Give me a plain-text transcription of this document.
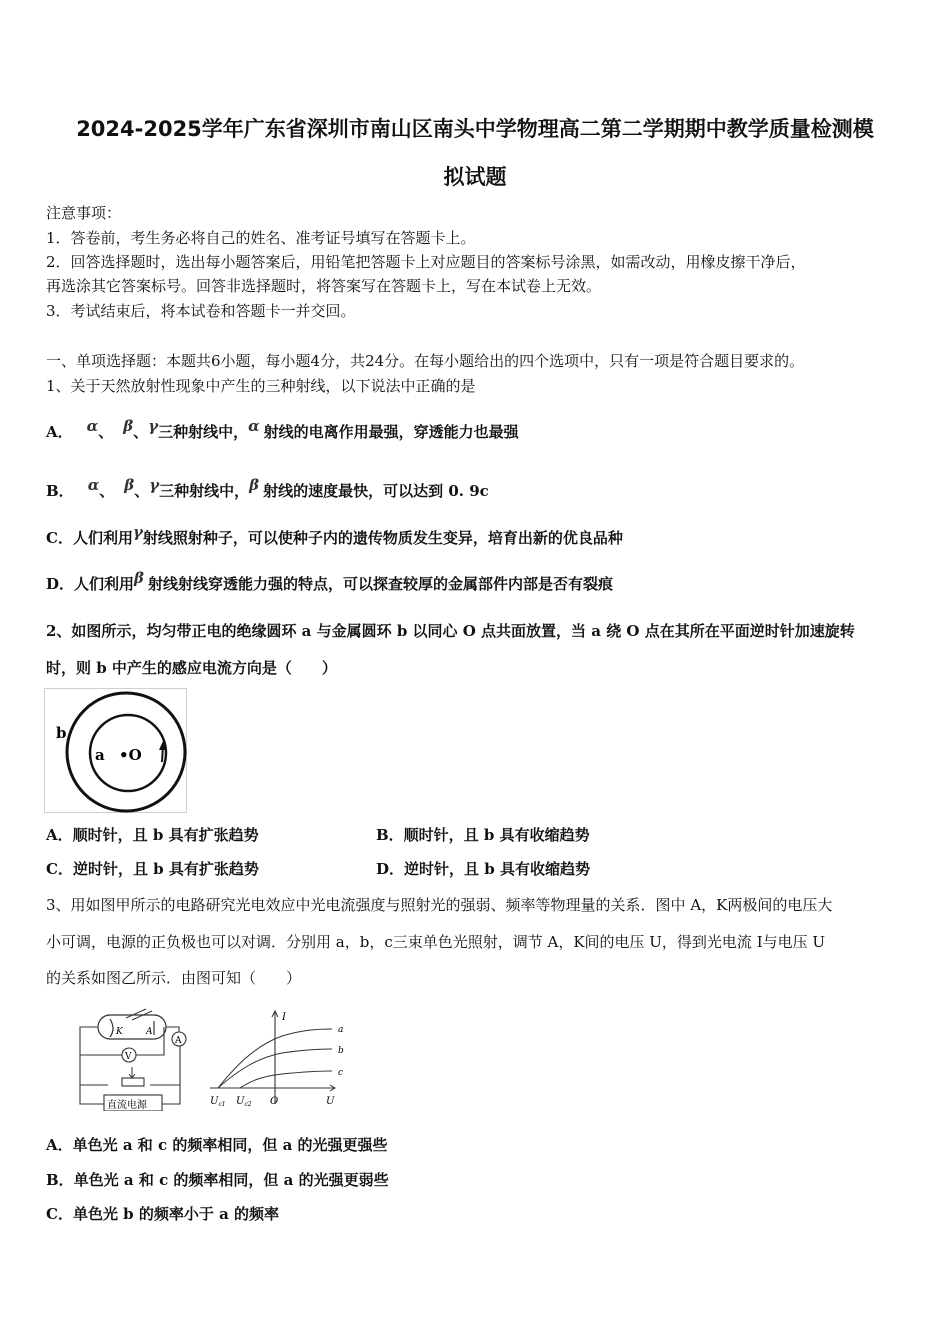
2024-2025学年广东省深圳市南山区南头中学物理高二第二学期期中教学质量检测模
拟试题
注意事项：
1．答卷前，考生务必将自己的姓名、准考证号填写在答题卡上。
2．回答选择题时，选出每小题答案后，用铅笔把答题卡上对应题目的答案标号涂黑，如需改动，用橡皮擦干净后，
再选涂其它答案标号。回答非选择题时，将答案写在答题卡上，写在本试卷上无效。
3．考试结束后，将本试卷和答题卡一并交回。
一、单项选择题：本题共6小题，每小题4分，共24分。在每小题给出的四个选项中，只有一项是符合题目要求的。
1、关于天然放射性现象中产生的三种射线，以下说法中正确的是
A． α、 β、γ三种射线中，α 射线的电离作用最强，穿透能力也最强
B． α、 β、γ三种射线中，β 射线的速度最快，可以达到 0. 9c
C．人们利用γ射线照射种子，可以使种子内的遗传物质发生变异，培育出新的优良品种
D．人们利用β 射线射线穿透能力强的特点，可以探查较厚的金属部件内部是否有裂痕
2、如图所示，均匀带正电的绝缘圆环 a 与金属圆环 b 以同心 O 点共面放置，当 a 绕 O 点在其所在平面逆时针加速旋转
时，则 b 中产生的感应电流方向是（　　）
b
a •O
A．顺时针，且 b 具有扩张趋势	B．顺时针，且 b 具有收缩趋势
C．逆时针，且 b 具有扩张趋势	D．逆时针，且 b 具有收缩趋势
3、用如图甲所示的电路研究光电效应中光电流强度与照射光的强弱、频率等物理量的关系．图中 A，K两极间的电压大
小可调，电源的正负极也可以对调．分别用 a，b，c三束单色光照射，调节 A，K间的电压 U，得到光电流 I与电压 U
的关系如图乙所示．由图可知（　　）
K	A
A
V
直流电源
I
U
O
$U_{c1}$ $U_{c2}$
a
b
c
A．单色光 a 和 c 的频率相同，但 a 的光强更强些
B．单色光 a 和 c 的频率相同，但 a 的光强更弱些
C．单色光 b 的频率小于 a 的频率
